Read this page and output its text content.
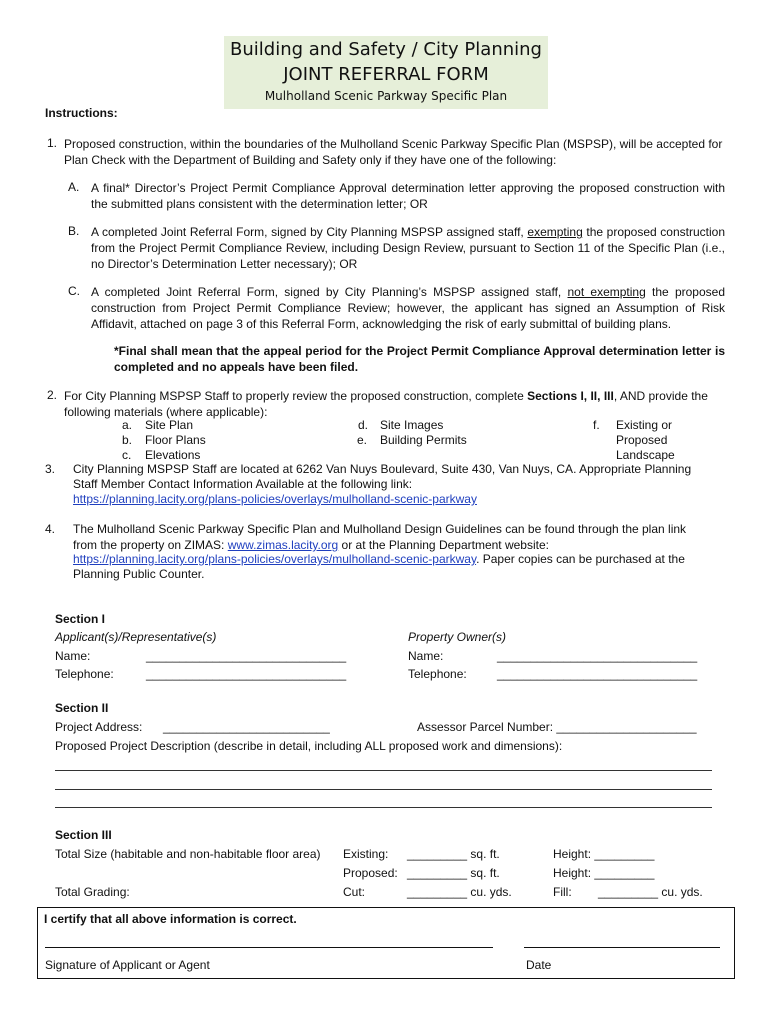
Building and Safety / City Planning
JOINT REFERRAL FORM
Mulholland Scenic Parkway Specific Plan
Instructions:
1. Proposed construction, within the boundaries of the Mulholland Scenic Parkway Specific Plan (MSPSP), will be accepted for Plan Check with the Department of Building and Safety only if they have one of the following:
A. A final* Director’s Project Permit Compliance Approval determination letter approving the proposed construction with the submitted plans consistent with the determination letter; OR
B. A completed Joint Referral Form, signed by City Planning MSPSP assigned staff, exempting the proposed construction from the Project Permit Compliance Review, including Design Review, pursuant to Section 11 of the Specific Plan (i.e., no Director’s Determination Letter necessary); OR
C. A completed Joint Referral Form, signed by City Planning’s MSPSP assigned staff, not exempting the proposed construction from Project Permit Compliance Review; however, the applicant has signed an Assumption of Risk Affidavit, attached on page 3 of this Referral Form, acknowledging the risk of early submittal of building plans.
*Final shall mean that the appeal period for the Project Permit Compliance Approval determination letter is completed and no appeals have been filed.
2. For City Planning MSPSP Staff to properly review the proposed construction, complete Sections I, II, III, AND provide the following materials (where applicable):
a. Site Plan
b. Floor Plans
c. Elevations
d. Site Images
e. Building Permits
f. Existing or
Proposed
Landscape
3. City Planning MSPSP Staff are located at 6262 Van Nuys Boulevard, Suite 430, Van Nuys, CA. Appropriate Planning
Staff Member Contact Information Available at the following link:
https://planning.lacity.org/plans-policies/overlays/mulholland-scenic-parkway
4. The Mulholland Scenic Parkway Specific Plan and Mulholland Design Guidelines can be found through the plan link
from the property on ZIMAS: www.zimas.lacity.org or at the Planning Department website:
https://planning.lacity.org/plans-policies/overlays/mulholland-scenic-parkway. Paper copies can be purchased at the
Planning Public Counter.
Section I
Applicant(s)/Representative(s)	Property Owner(s)
Name:	______________________________	Name:	______________________________
Telephone:	______________________________	Telephone:	______________________________
Section II
Project Address: _________________________	Assessor Parcel Number: _____________________
Proposed Project Description (describe in detail, including ALL proposed work and dimensions):
Section III
Total Size (habitable and non-habitable floor area) Existing: _________ sq. ft.	Height: _________
Proposed: _________ sq. ft.	Height: _________
Total Grading:	Cut:	_________ cu. yds.	Fill: _________ cu. yds.
I certify that all above information is correct.
Signature of Applicant or Agent	Date
